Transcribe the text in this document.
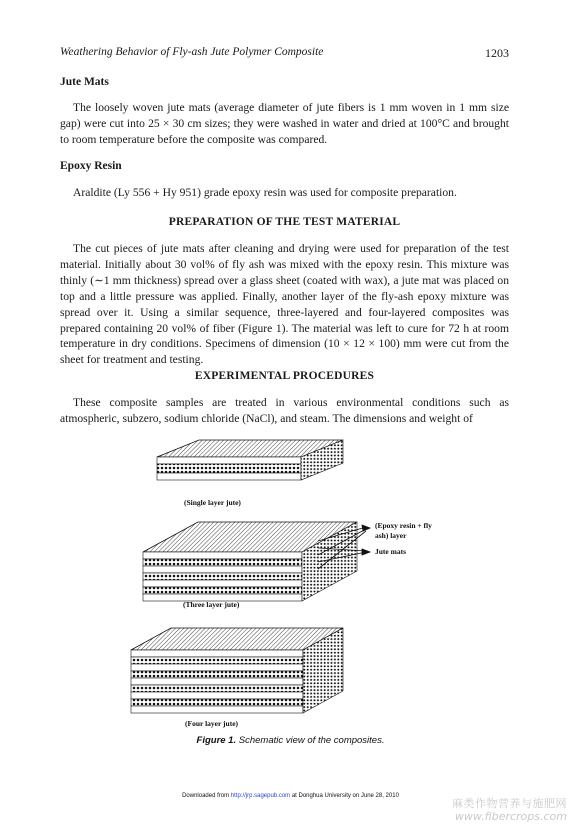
Weathering Behavior of Fly-ash Jute Polymer Composite	1203
Jute Mats

The loosely woven jute mats (average diameter of jute fibers is 1 mm woven in 1 mm size gap) were cut into 25 × 30 cm sizes; they were washed in water and dried at 100°C and brought to room temperature before the composite was compared.

Epoxy Resin

Araldite (Ly 556 + Hy 951) grade epoxy resin was used for composite preparation.

PREPARATION OF THE TEST MATERIAL

The cut pieces of jute mats after cleaning and drying were used for preparation of the test material. Initially about 30 vol% of fly ash was mixed with the epoxy resin. This mixture was thinly (∼1 mm thickness) spread over a glass sheet (coated with wax), a jute mat was placed on top and a little pressure was applied. Finally, another layer of the fly-ash epoxy mixture was spread over it. Using a similar sequence, three-layered and four-layered composites was prepared containing 20 vol% of fiber (Figure 1). The material was left to cure for 72 h at room temperature in dry conditions. Specimens of dimension (10 × 12 × 100) mm were cut from the sheet for treatment and testing.

EXPERIMENTAL PROCEDURES

These composite samples are treated in various environmental conditions such as atmospheric, subzero, sodium chloride (NaCl), and steam. The dimensions and weight of

(Single layer jute)
(Three layer jute)
(Epoxy resin + fly
ash) layer
Jute mats
(Four layer jute)
Figure 1. Schematic view of the composites.
Downloaded from http://jrp.sagepub.com at Donghua University on June 28, 2010
麻类作物营养与施肥网
www.fibercrops.com
